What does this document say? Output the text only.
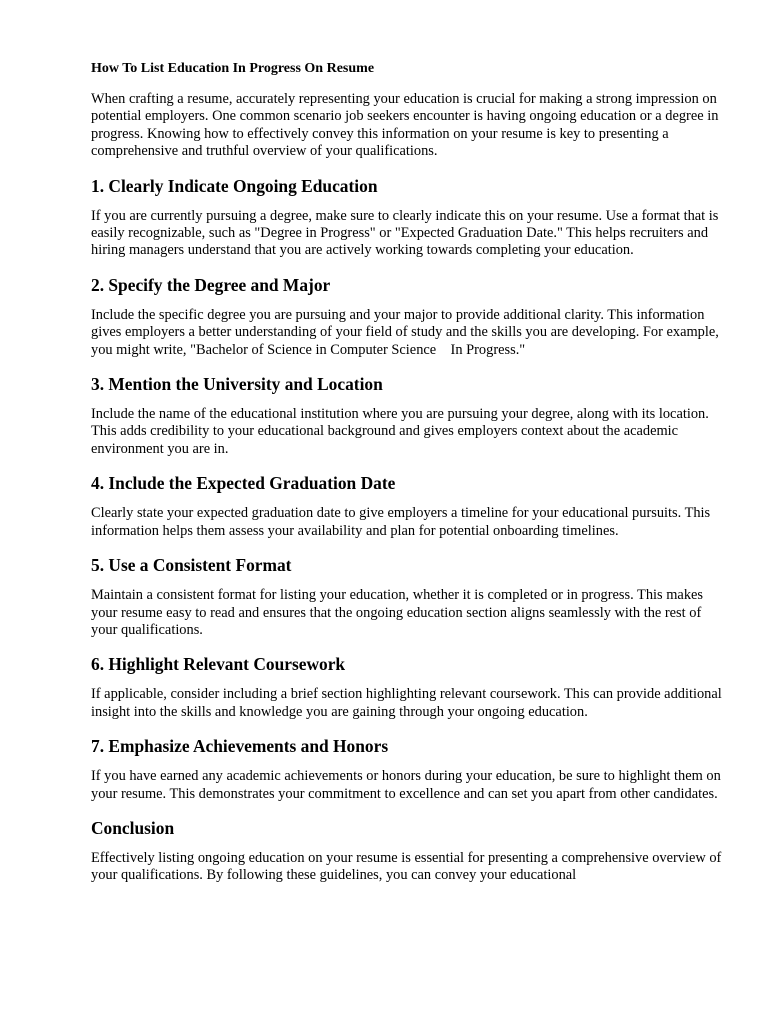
How To List Education In Progress On Resume

When crafting a resume, accurately representing your education is crucial for making a strong impression on potential employers. One common scenario job seekers encounter is having ongoing education or a degree in progress. Knowing how to effectively convey this information on your resume is key to presenting a comprehensive and truthful overview of your qualifications.

1. Clearly Indicate Ongoing Education

If you are currently pursuing a degree, make sure to clearly indicate this on your resume. Use a format that is easily recognizable, such as "Degree in Progress" or "Expected Graduation Date." This helps recruiters and hiring managers understand that you are actively working towards completing your education.

2. Specify the Degree and Major

Include the specific degree you are pursuing and your major to provide additional clarity. This information gives employers a better understanding of your field of study and the skills you are developing. For example, you might write, "Bachelor of Science in Computer Science    In Progress."

3. Mention the University and Location

Include the name of the educational institution where you are pursuing your degree, along with its location. This adds credibility to your educational background and gives employers context about the academic environment you are in.

4. Include the Expected Graduation Date

Clearly state your expected graduation date to give employers a timeline for your educational pursuits. This information helps them assess your availability and plan for potential onboarding timelines.

5. Use a Consistent Format

Maintain a consistent format for listing your education, whether it is completed or in progress. This makes your resume easy to read and ensures that the ongoing education section aligns seamlessly with the rest of your qualifications.

6. Highlight Relevant Coursework

If applicable, consider including a brief section highlighting relevant coursework. This can provide additional insight into the skills and knowledge you are gaining through your ongoing education.

7. Emphasize Achievements and Honors

If you have earned any academic achievements or honors during your education, be sure to highlight them on your resume. This demonstrates your commitment to excellence and can set you apart from other candidates.

Conclusion

Effectively listing ongoing education on your resume is essential for presenting a comprehensive overview of your qualifications. By following these guidelines, you can convey your educational
